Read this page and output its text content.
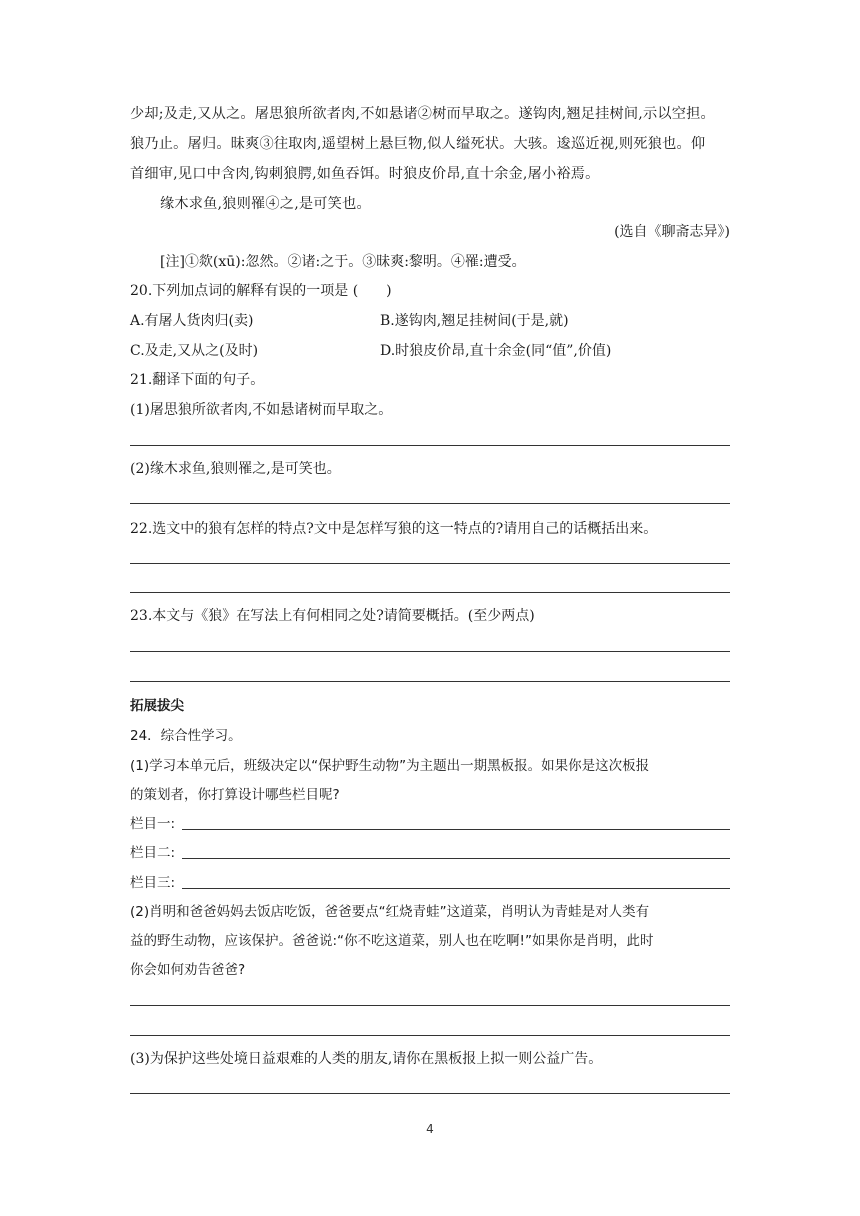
少却;及走,又从之。屠思狼所欲者肉,不如悬诸②树而早取之。遂钩肉,翘足挂树间,示以空担。
狼乃止。屠归。昧爽③往取肉,遥望树上悬巨物,似人缢死状。大骇。逡巡近视,则死狼也。仰
首细审,见口中含肉,钩刺狼腭,如鱼吞饵。时狼皮价昂,直十余金,屠小裕焉。
缘木求鱼,狼则罹④之,是可笑也。
(选自《聊斋志异》)
[注]①欻(xū):忽然。②诸:之于。③昧爽:黎明。④罹:遭受。
20.下列加点词的解释有误的一项是 (　　)
A.有屠人货肉归(卖)	B.遂钩肉,翘足挂树间(于是,就)
C.及走,又从之(及时)	D.时狼皮价昂,直十余金(同“值”,价值)
21.翻译下面的句子。
(1)屠思狼所欲者肉,不如悬诸树而早取之。
(2)缘木求鱼,狼则罹之,是可笑也。
22.选文中的狼有怎样的特点?文中是怎样写狼的这一特点的?请用自己的话概括出来。
23.本文与《狼》在写法上有何相同之处?请简要概括。(至少两点)
拓展拔尖
24．综合性学习。
(1)学习本单元后，班级决定以“保护野生动物”为主题出一期黑板报。如果你是这次板报
的策划者，你打算设计哪些栏目呢?
栏目一:
栏目二:
栏目三:
(2)肖明和爸爸妈妈去饭店吃饭，爸爸要点“红烧青蛙”这道菜，肖明认为青蛙是对人类有
益的野生动物，应该保护。爸爸说:“你不吃这道菜，别人也在吃啊!”如果你是肖明，此时
你会如何劝告爸爸?
(3)为保护这些处境日益艰难的人类的朋友,请你在黑板报上拟一则公益广告。
4
